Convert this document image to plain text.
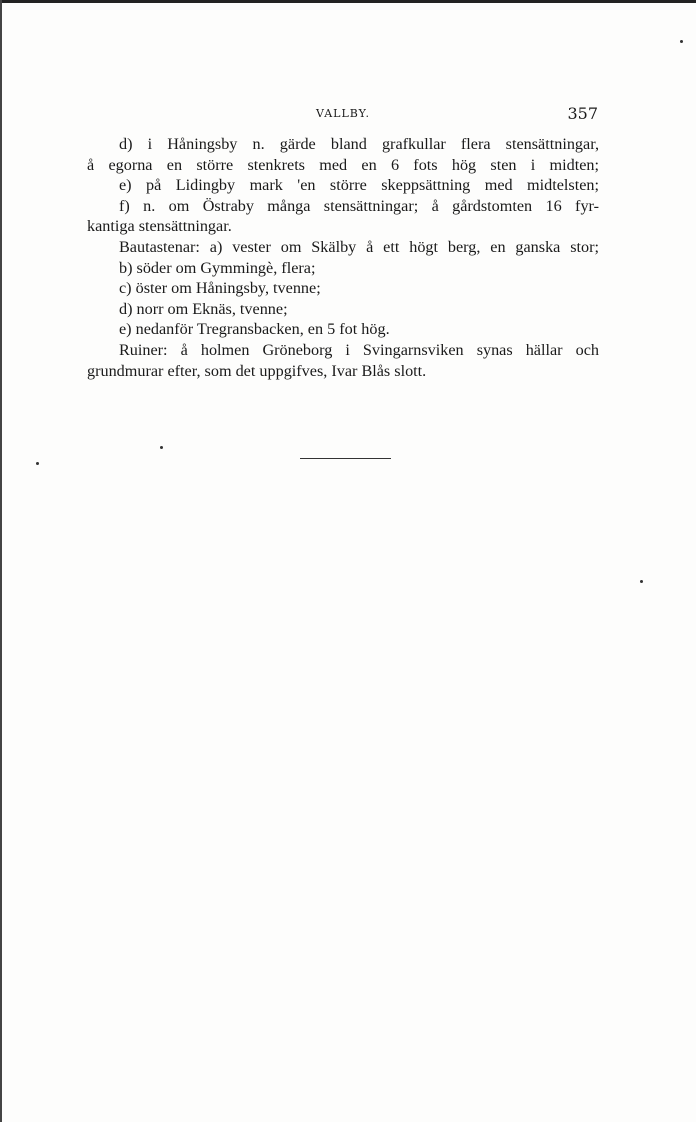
VALLBY.	357
d) i Håningsby n. gärde bland grafkullar flera stensättningar,
å egorna en större stenkrets med en 6 fots hög sten i midten;
e) på Lidingby mark 'en större skeppsättning med midtelsten;
f) n. om Östraby många stensättningar; å gårdstomten 16 fyr-
kantiga stensättningar.
Bautastenar: a) vester om Skälby å ett högt berg, en ganska stor;
b) söder om Gymmingè, flera;
c) öster om Håningsby, tvenne;
d) norr om Eknäs, tvenne;
e) nedanför Tregransbacken, en 5 fot hög.
Ruiner: å holmen Gröneborg i Svingarnsviken synas hällar och
grundmurar efter, som det uppgifves, Ivar Blås slott.
